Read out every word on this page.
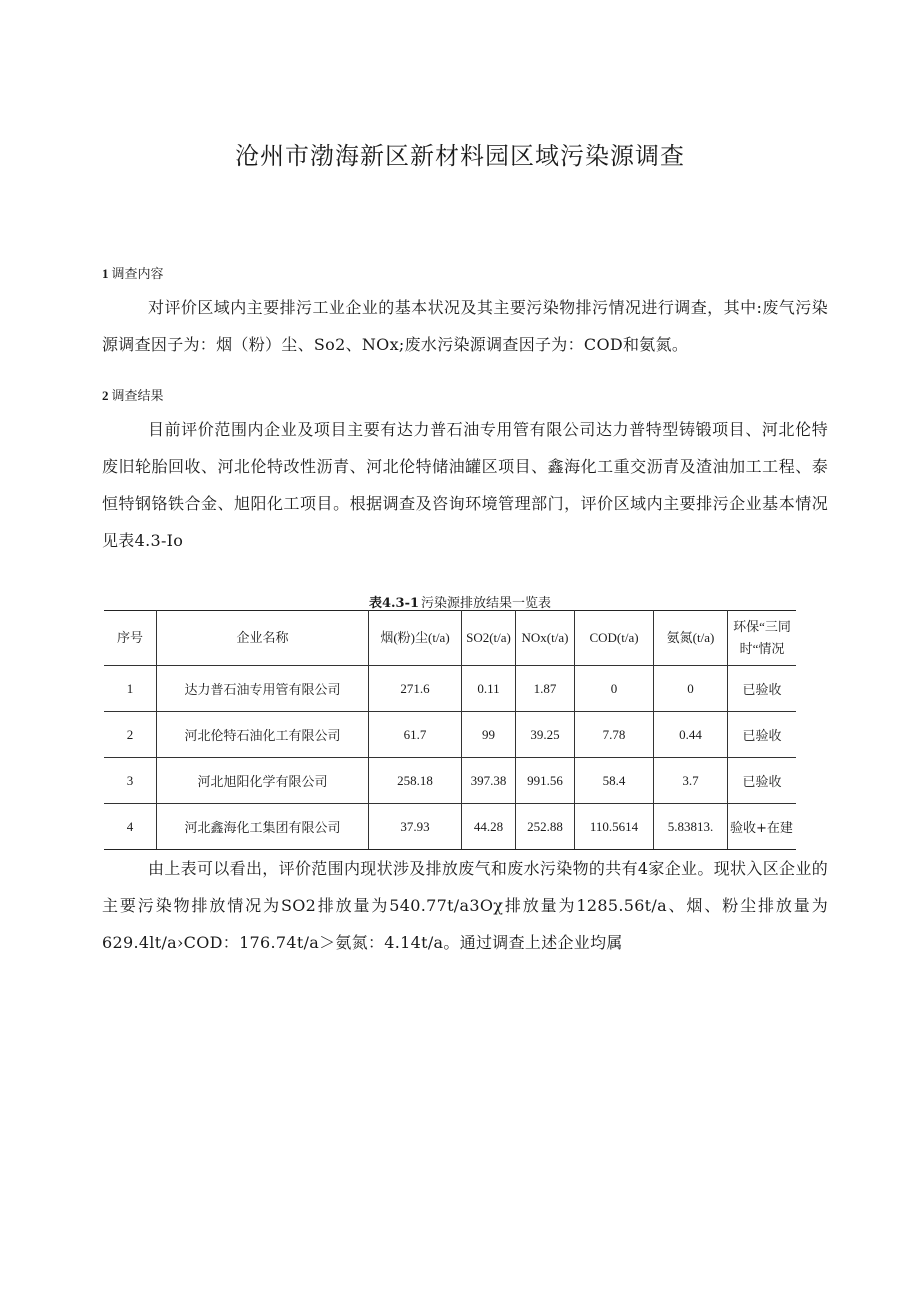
沧州市渤海新区新材料园区域污染源调查
1 调查内容

对评价区域内主要排污工业企业的基本状况及其主要污染物排污情况进行调查，其中:废气污染源调查因子为：烟（粉）尘、So2、NOx;废水污染源调查因子为：COD和氨氮。

2 调查结果

目前评价范围内企业及项目主要有达力普石油专用管有限公司达力普特型铸锻项目、河北伦特废旧轮胎回收、河北伦特改性沥青、河北伦特储油罐区项目、鑫海化工重交沥青及渣油加工工程、泰恒特钢铬铁合金、旭阳化工项目。根据调查及咨询环境管理部门，评价区域内主要排污企业基本情况见表4.3-Io

表4.3-1 污染源排放结果一览表
序号	企业名称	烟(粉)尘(t/a)	SO2(t/a)	NOx(t/a)	COD(t/a)	氨氮(t/a)	环保“三同时“情况
1	达力普石油专用管有限公司	271.6	0.11	1.87	0	0	已验收
2	河北伦特石油化工有限公司	61.7	99	39.25	7.78	0.44	已验收
3	河北旭阳化学有限公司	258.18	397.38	991.56	58.4	3.7	已验收
4	河北鑫海化工集团有限公司	37.93	44.28	252.88	110.5614	5.83813.	验收+在建

由上表可以看出，评价范围内现状涉及排放废气和废水污染物的共有4家企业。现状入区企业的主要污染物排放情况为SO2排放量为540.77t/a3Oχ排放量为1285.56t/a、烟、粉尘排放量为629.4lt/a›COD：176.74t/a＞氨氮：4.14t/a。通过调查上述企业均属
